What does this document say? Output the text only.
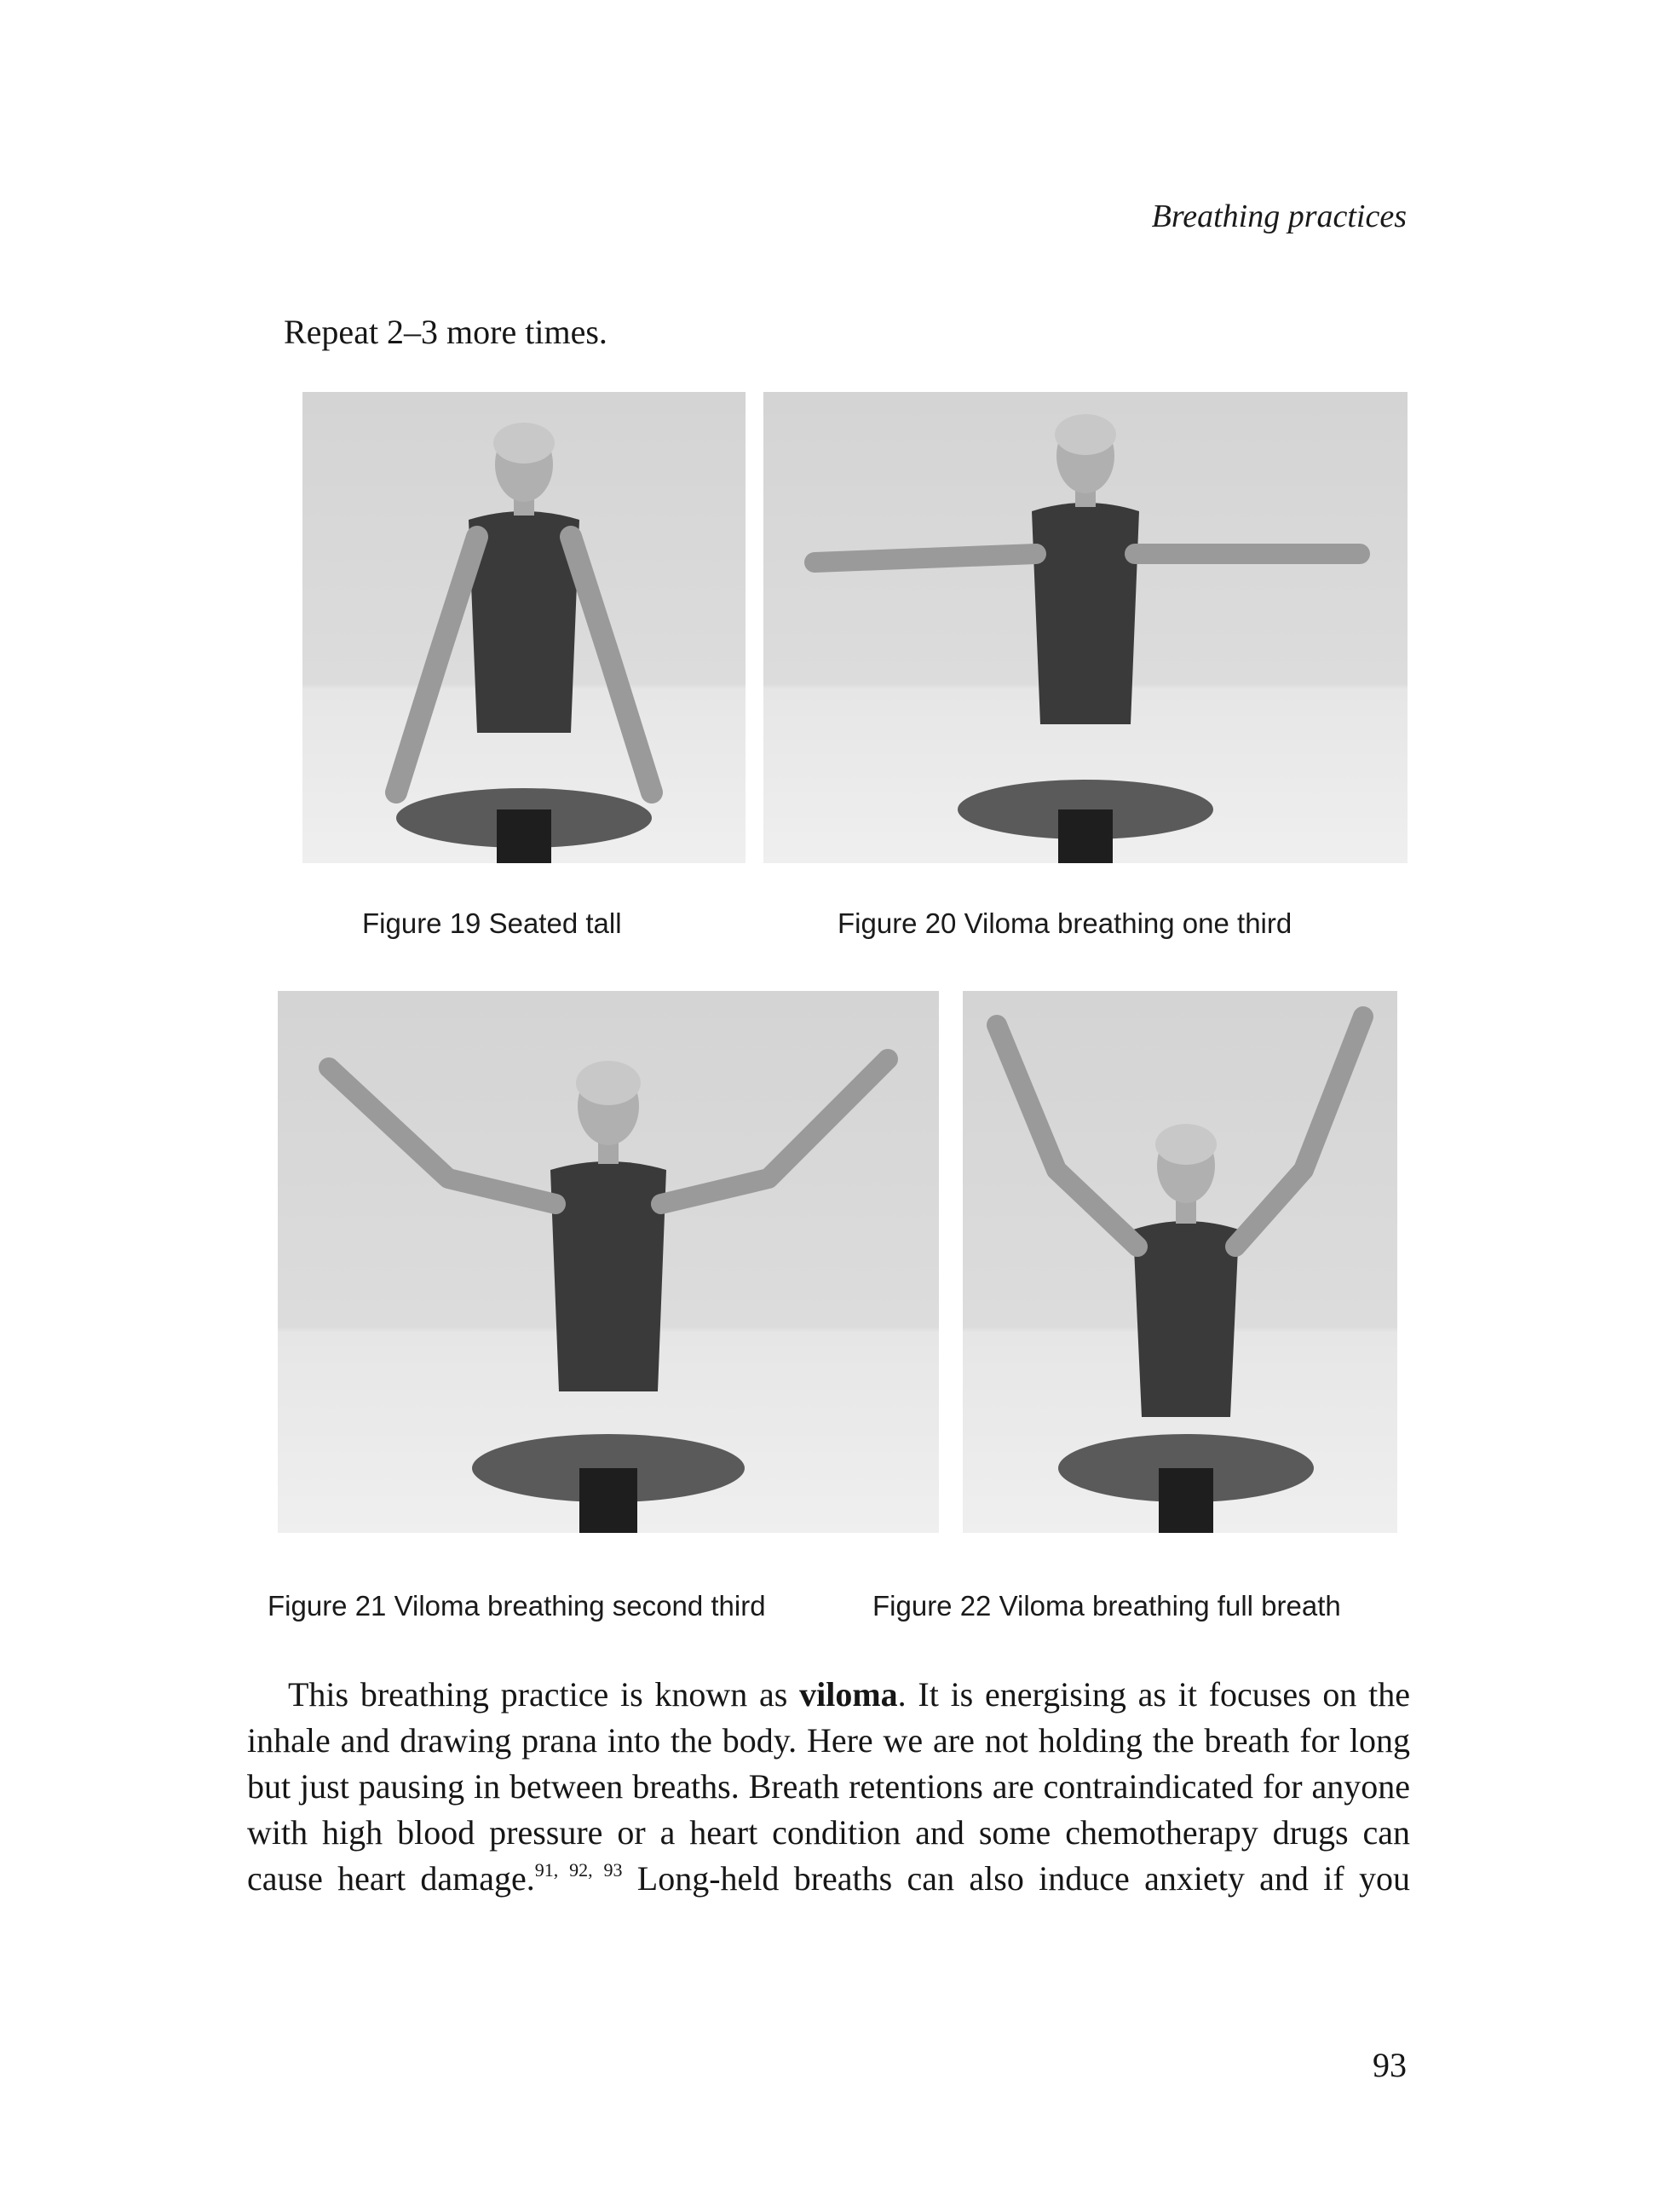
Breathing practices
Repeat 2–3 more times.
Figure 19 Seated tall	Figure 20 Viloma breathing one third
Figure 21 Viloma breathing second third	Figure 22 Viloma breathing full breath
This breathing practice is known as viloma. It is energising as it focuses on the inhale and drawing prana into the body. Here we are not holding the breath for long but just pausing in between breaths. Breath retentions are contraindicated for anyone with high blood pressure or a heart condition and some chemotherapy drugs can cause heart damage.$^{91, 92, 93}$ Long-held breaths can also induce anxiety and if you
93
